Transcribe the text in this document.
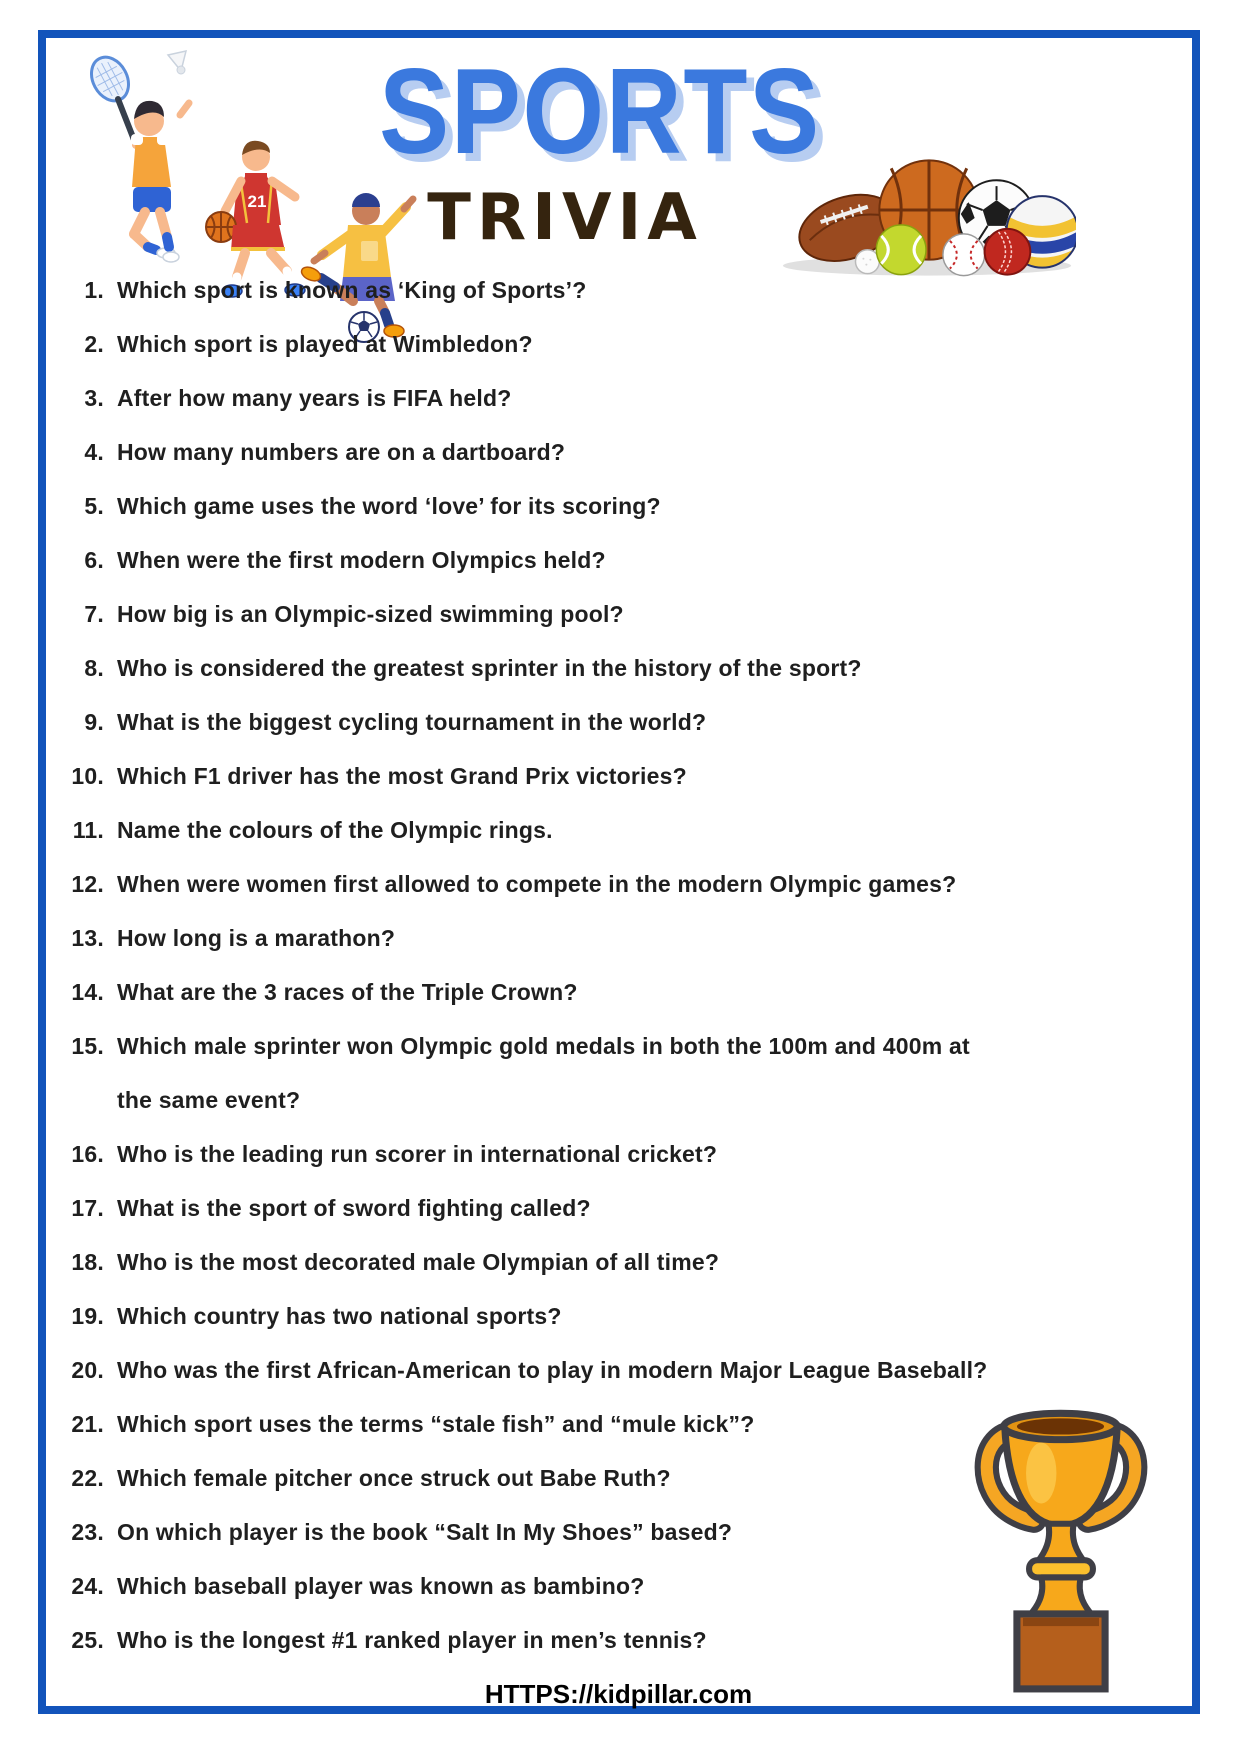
SPORTS
TRIVIA
21
1. Which sport is known as ‘King of Sports’?
2. Which sport is played at Wimbledon?
3. After how many years is FIFA held?
4. How many numbers are on a dartboard?
5. Which game uses the word ‘love’ for its scoring?
6. When were the first modern Olympics held?
7. How big is an Olympic-sized swimming pool?
8. Who is considered the greatest sprinter in the history of the sport?
9. What is the biggest cycling tournament in the world?
10. Which F1 driver has the most Grand Prix victories?
11. Name the colours of the Olympic rings.
12. When were women first allowed to compete in the modern Olympic games?
13. How long is a marathon?
14. What are the 3 races of the Triple Crown?
15. Which male sprinter won Olympic gold medals in both the 100m and 400m at
the same event?
16. Who is the leading run scorer in international cricket?
17. What is the sport of sword fighting called?
18. Who is the most decorated male Olympian of all time?
19. Which country has two national sports?
20. Who was the first African-American to play in modern Major League Baseball?
21. Which sport uses the terms “stale fish” and “mule kick”?
22. Which female pitcher once struck out Babe Ruth?
23. On which player is the book “Salt In My Shoes” based?
24. Which baseball player was known as bambino?
25. Who is the longest #1 ranked player in men’s tennis?
HTTPS://kidpillar.com
